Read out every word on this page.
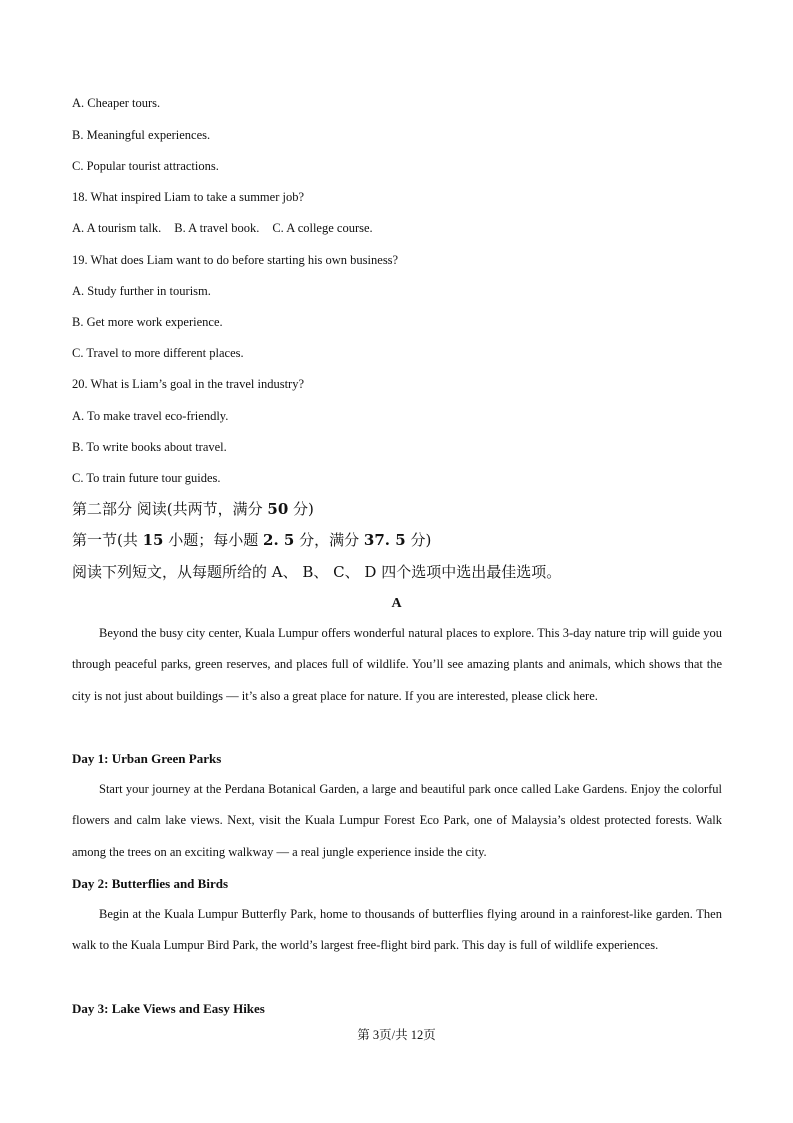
A. Cheaper tours.
B. Meaningful experiences.
C. Popular tourist attractions.
18. What inspired Liam to take a summer job?
A. A tourism talk. B. A travel book. C. A college course.
19. What does Liam want to do before starting his own business?
A. Study further in tourism.
B. Get more work experience.
C. Travel to more different places.
20. What is Liam’s goal in the travel industry?
A. To make travel eco-friendly.
B. To write books about travel.
C. To train future tour guides.
第二部分 阅读(共两节，满分 50 分)
第一节(共 15 小题；每小题 2. 5 分，满分 37. 5 分)
阅读下列短文，从每题所给的 A、 B、 C、 D 四个选项中选出最佳选项。
A

Beyond the busy city center, Kuala Lumpur offers wonderful natural places to explore. This 3-day nature trip will guide you through peaceful parks, green reserves, and places full of wildlife. You’ll see amazing plants and animals, which shows that the city is not just about buildings — it’s also a great place for nature. If you are interested, please click here.

Day 1: Urban Green Parks

Start your journey at the Perdana Botanical Garden, a large and beautiful park once called Lake Gardens. Enjoy the colorful flowers and calm lake views. Next, visit the Kuala Lumpur Forest Eco Park, one of Malaysia’s oldest protected forests. Walk among the trees on an exciting walkway — a real jungle experience inside the city.

Day 2: Butterflies and Birds

Begin at the Kuala Lumpur Butterfly Park, home to thousands of butterflies flying around in a rainforest-like garden. Then walk to the Kuala Lumpur Bird Park, the world’s largest free-flight bird park. This day is full of wildlife experiences.

Day 3: Lake Views and Easy Hikes
第 3页/共 12页
